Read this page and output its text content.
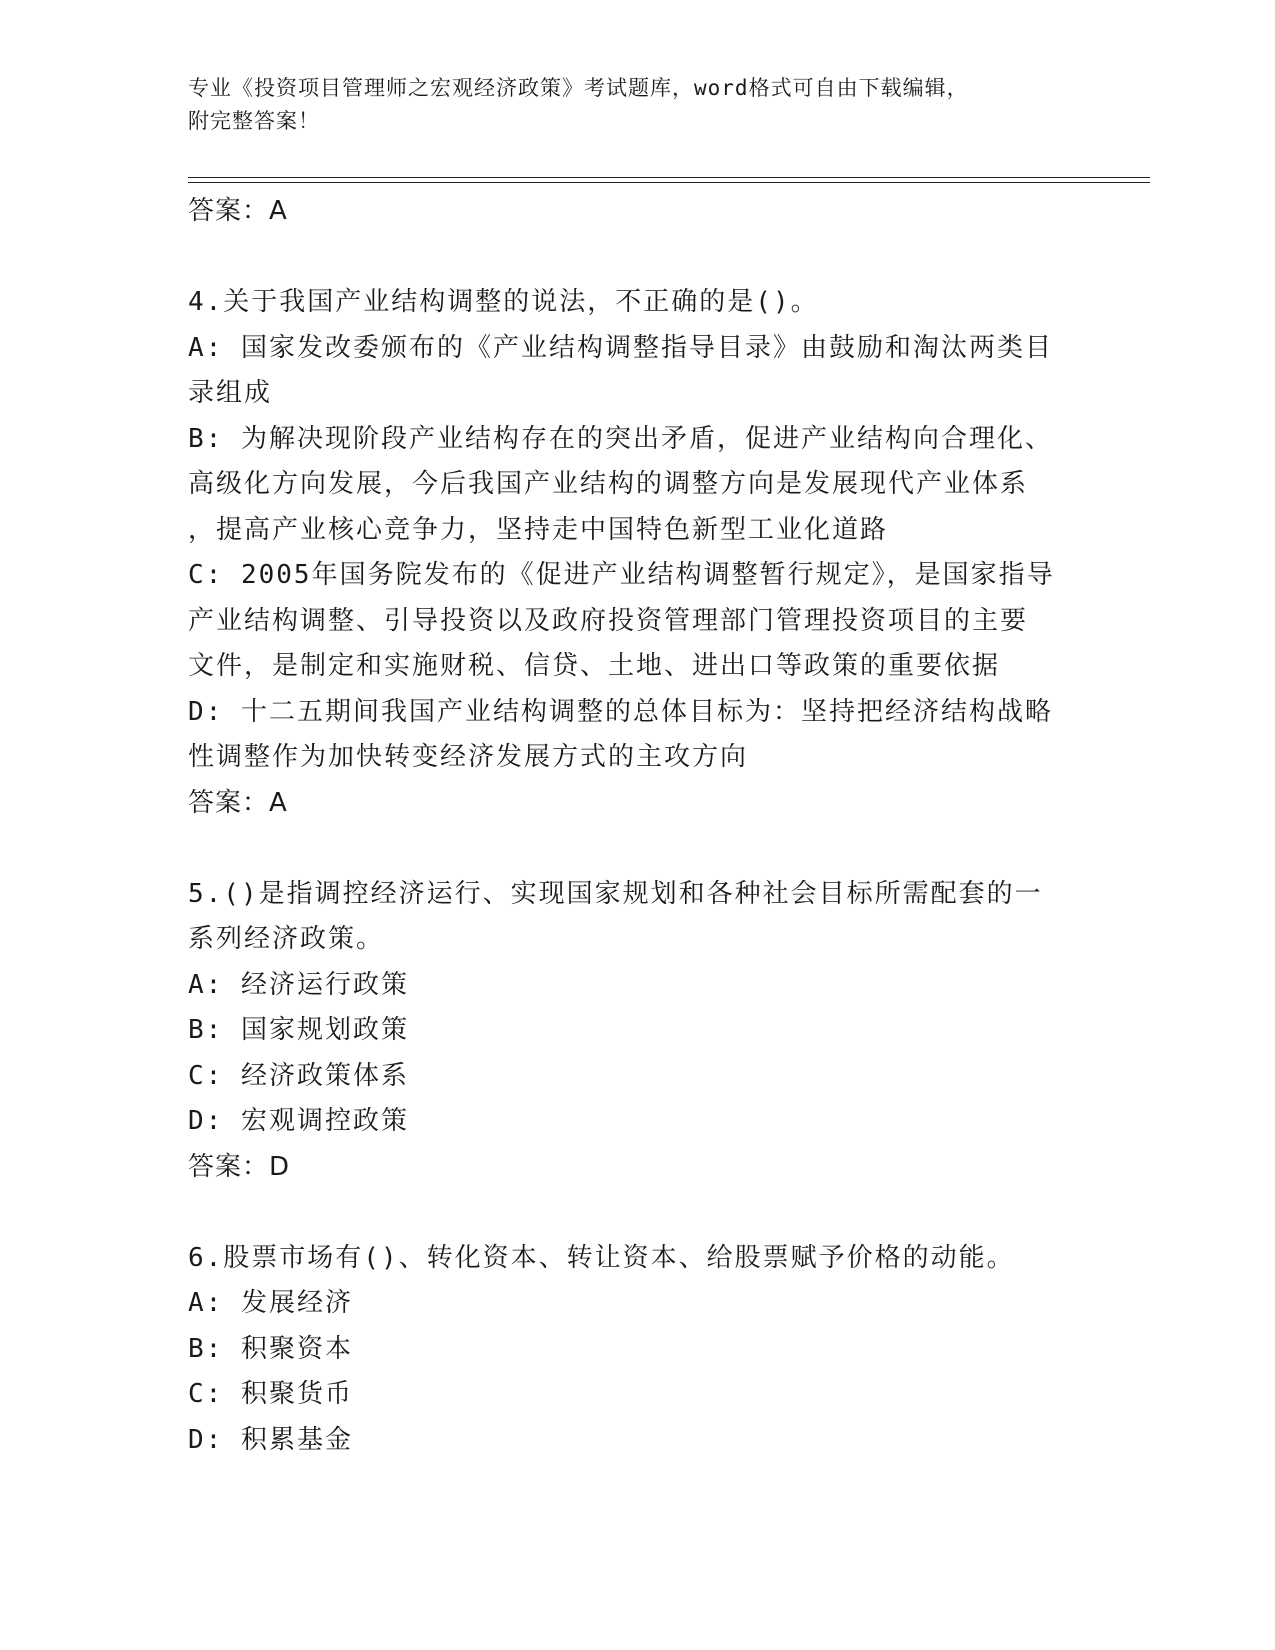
专业《投资项目管理师之宏观经济政策》考试题库，word格式可自由下载编辑，
附完整答案！
答案：A
4.关于我国产业结构调整的说法，不正确的是()。
A: 国家发改委颁布的《产业结构调整指导目录》由鼓励和淘汰两类目
录组成
B: 为解决现阶段产业结构存在的突出矛盾，促进产业结构向合理化、
高级化方向发展，今后我国产业结构的调整方向是发展现代产业体系
，提高产业核心竞争力，坚持走中国特色新型工业化道路
C: 2005年国务院发布的《促进产业结构调整暂行规定》，是国家指导
产业结构调整、引导投资以及政府投资管理部门管理投资项目的主要
文件，是制定和实施财税、信贷、土地、进出口等政策的重要依据
D: 十二五期间我国产业结构调整的总体目标为：坚持把经济结构战略
性调整作为加快转变经济发展方式的主攻方向
答案：A
5.()是指调控经济运行、实现国家规划和各种社会目标所需配套的一
系列经济政策。
A: 经济运行政策
B: 国家规划政策
C: 经济政策体系
D: 宏观调控政策
答案：D
6.股票市场有()、转化资本、转让资本、给股票赋予价格的动能。
A: 发展经济
B: 积聚资本
C: 积聚货币
D: 积累基金
